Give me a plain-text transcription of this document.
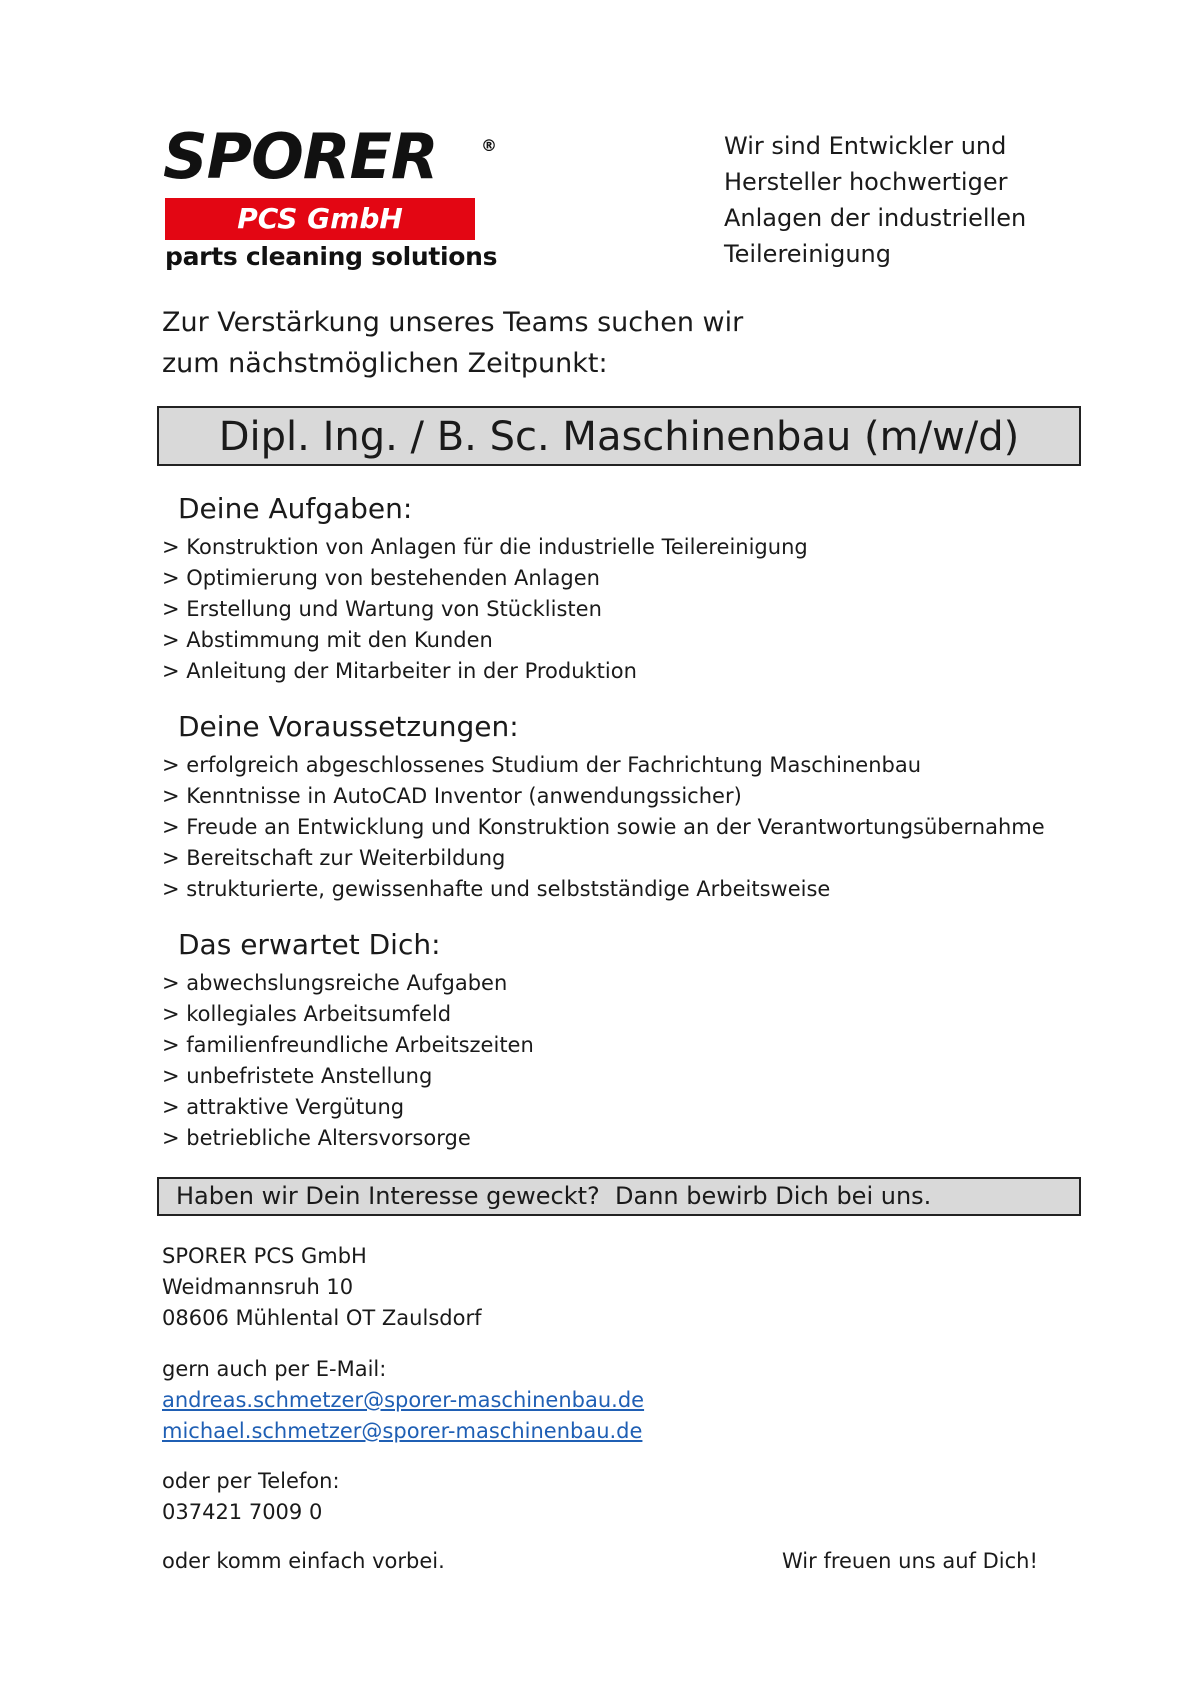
SPORER	®
PCS GmbH
parts cleaning solutions
Wir sind Entwickler und
Hersteller hochwertiger
Anlagen der industriellen
Teilereinigung
Zur Verstärkung unseres Teams suchen wir
zum nächstmöglichen Zeitpunkt:
Dipl. Ing. / B. Sc. Maschinenbau (m/w/d)
Deine Aufgaben:
> Konstruktion von Anlagen für die industrielle Teilereinigung
> Optimierung von bestehenden Anlagen
> Erstellung und Wartung von Stücklisten
> Abstimmung mit den Kunden
> Anleitung der Mitarbeiter in der Produktion
Deine Voraussetzungen:
> erfolgreich abgeschlossenes Studium der Fachrichtung Maschinenbau
> Kenntnisse in AutoCAD Inventor (anwendungssicher)
> Freude an Entwicklung und Konstruktion sowie an der Verantwortungsübernahme
> Bereitschaft zur Weiterbildung
> strukturierte, gewissenhafte und selbstständige Arbeitsweise
Das erwartet Dich:
> abwechslungsreiche Aufgaben
> kollegiales Arbeitsumfeld
> familienfreundliche Arbeitszeiten
> unbefristete Anstellung
> attraktive Vergütung
> betriebliche Altersvorsorge
Haben wir Dein Interesse geweckt? Dann bewirb Dich bei uns.
SPORER PCS GmbH
Weidmannsruh 10
08606 Mühlental OT Zaulsdorf
gern auch per E-Mail:
andreas.schmetzer@sporer-maschinenbau.de
michael.schmetzer@sporer-maschinenbau.de
oder per Telefon:
037421 7009 0
oder komm einfach vorbei.	Wir freuen uns auf Dich!
